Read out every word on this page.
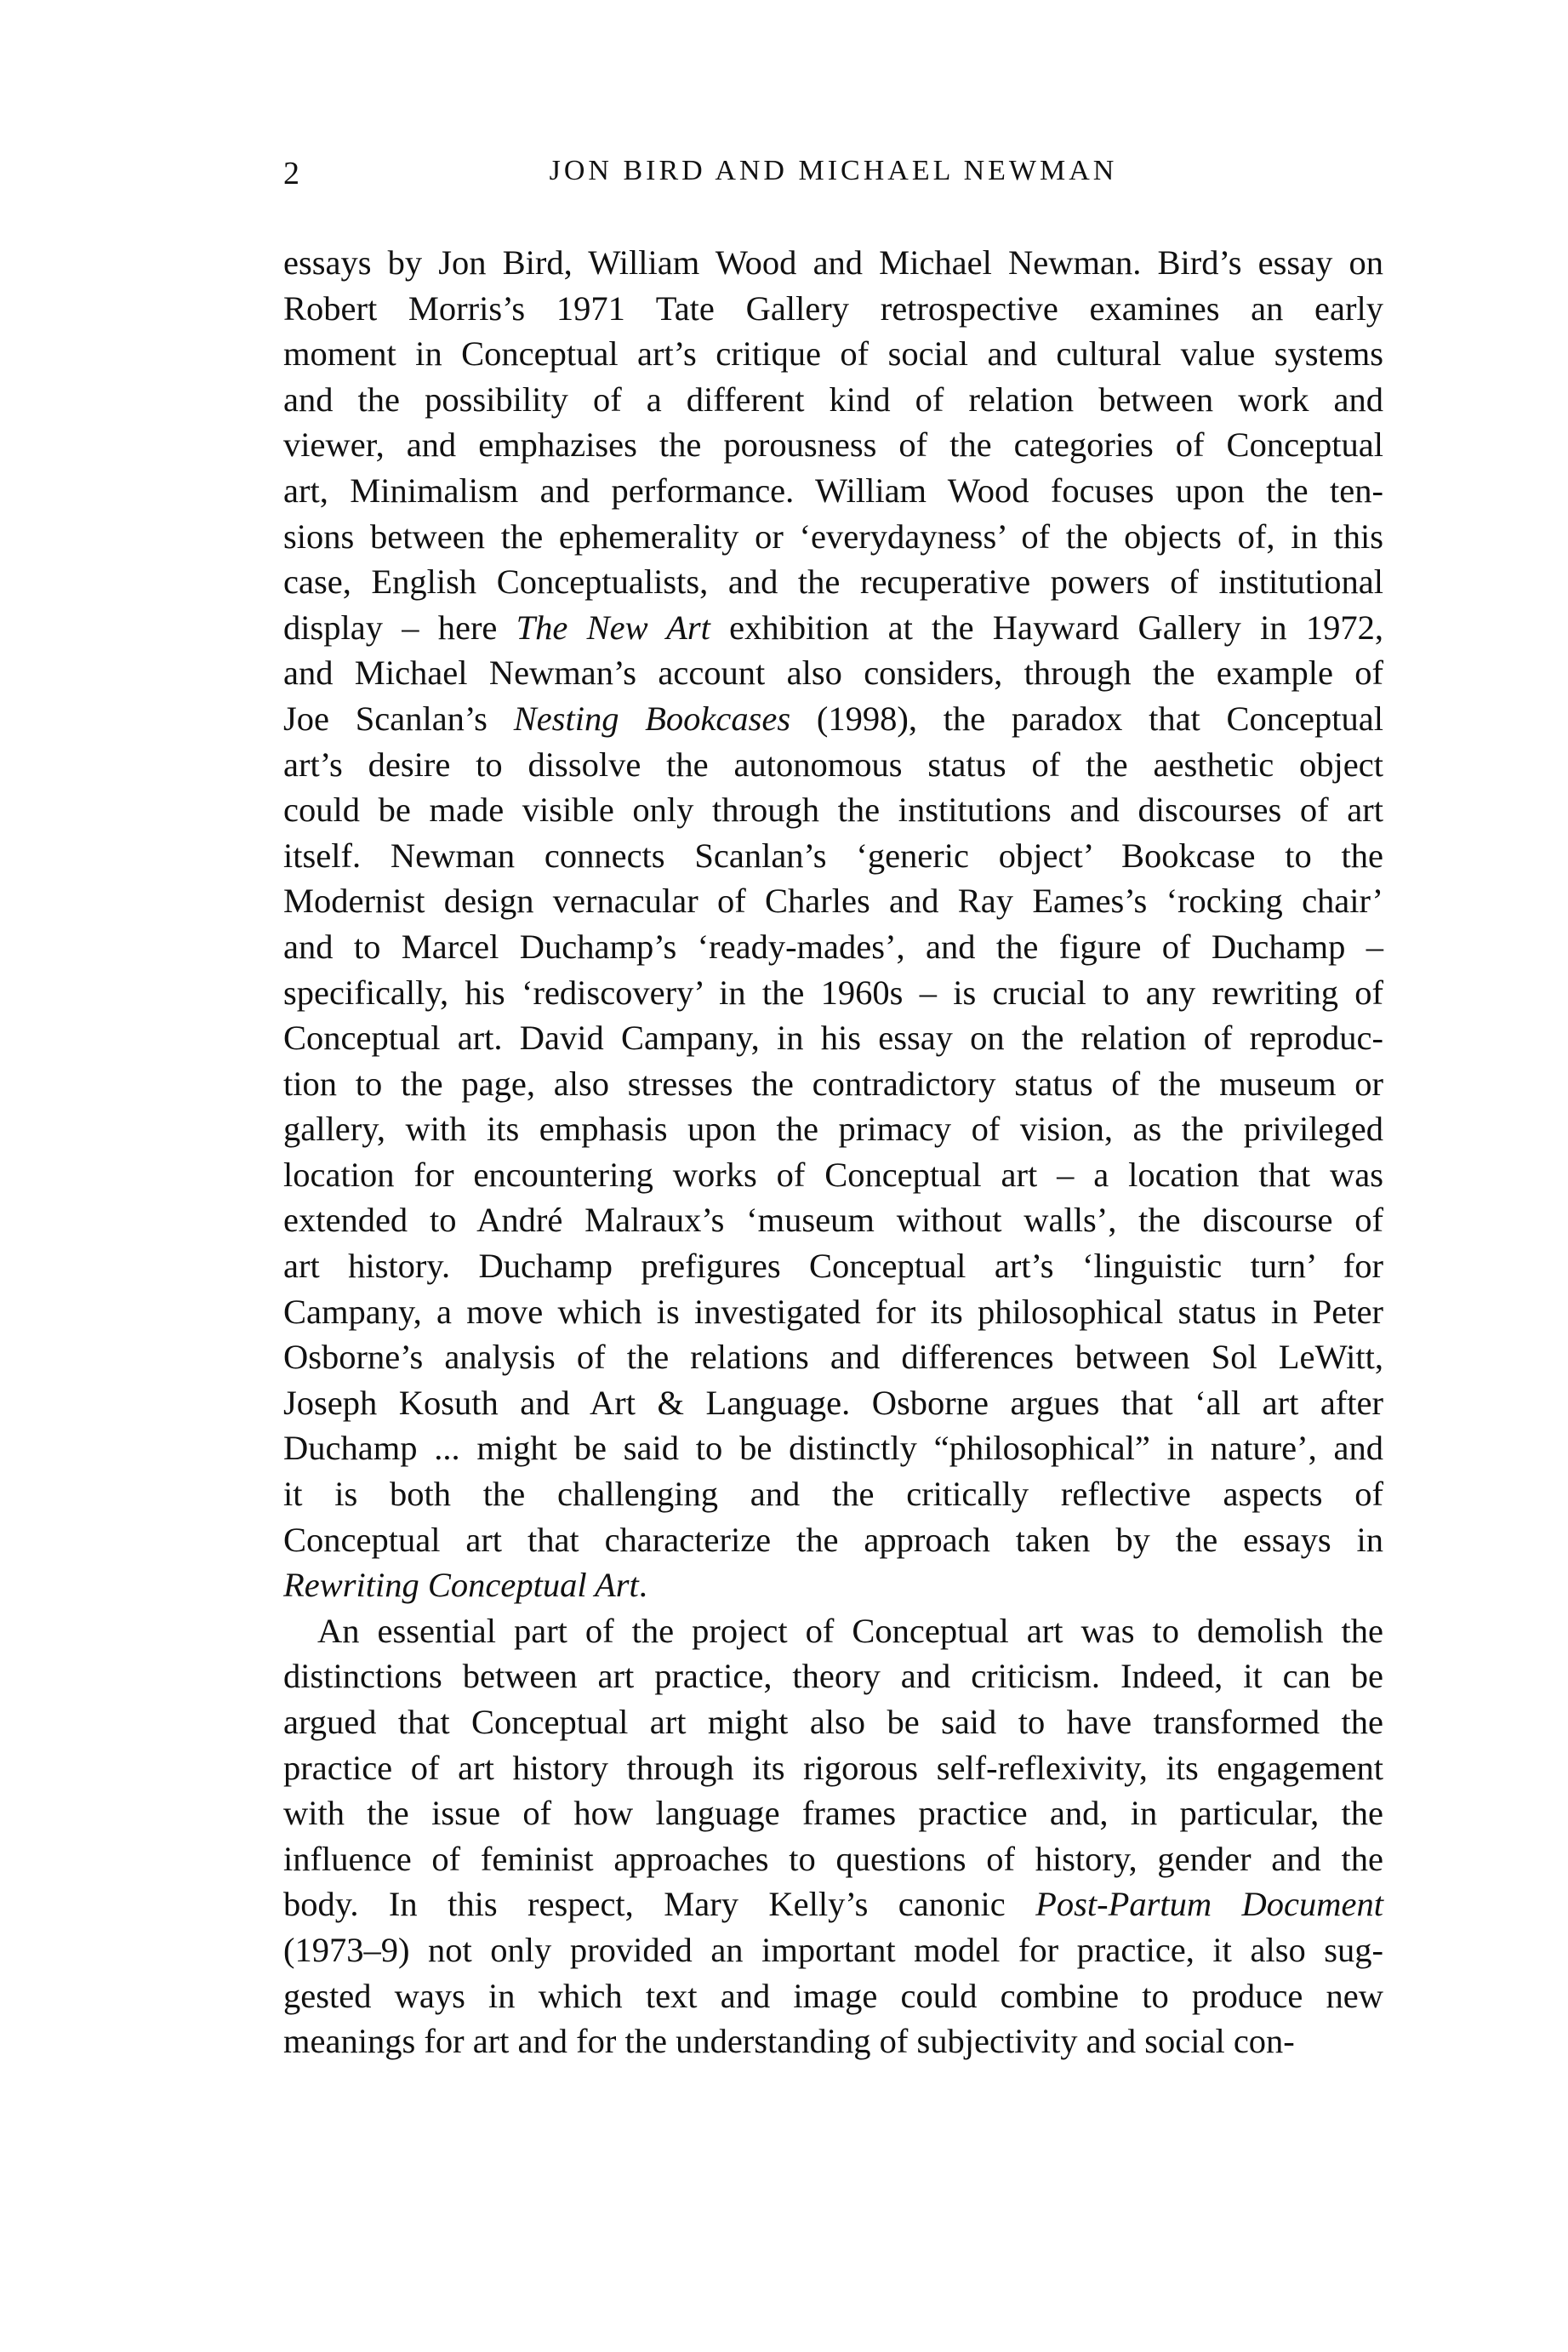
2	JON BIRD AND MICHAEL NEWMAN
essays by Jon Bird, William Wood and Michael Newman. Bird’s essay on
Robert Morris’s 1971 Tate Gallery retrospective examines an early
moment in Conceptual art’s critique of social and cultural value systems
and the possibility of a different kind of relation between work and
viewer, and emphazises the porousness of the categories of Conceptual
art, Minimalism and performance. William Wood focuses upon the ten-
sions between the ephemerality or ‘everydayness’ of the objects of, in this
case, English Conceptualists, and the recuperative powers of institutional
display – here The New Art exhibition at the Hayward Gallery in 1972,
and Michael Newman’s account also considers, through the example of
Joe Scanlan’s Nesting Bookcases (1998), the paradox that Conceptual
art’s desire to dissolve the autonomous status of the aesthetic object
could be made visible only through the institutions and discourses of art
itself. Newman connects Scanlan’s ‘generic object’ Bookcase to the
Modernist design vernacular of Charles and Ray Eames’s ‘rocking chair’
and to Marcel Duchamp’s ‘ready-mades’, and the figure of Duchamp –
specifically, his ‘rediscovery’ in the 1960s – is crucial to any rewriting of
Conceptual art. David Campany, in his essay on the relation of reproduc-
tion to the page, also stresses the contradictory status of the museum or
gallery, with its emphasis upon the primacy of vision, as the privileged
location for encountering works of Conceptual art – a location that was
extended to André Malraux’s ‘museum without walls’, the discourse of
art history. Duchamp prefigures Conceptual art’s ‘linguistic turn’ for
Campany, a move which is investigated for its philosophical status in Peter
Osborne’s analysis of the relations and differences between Sol LeWitt,
Joseph Kosuth and Art & Language. Osborne argues that ‘all art after
Duchamp ... might be said to be distinctly “philosophical” in nature’, and
it is both the challenging and the critically reflective aspects of
Conceptual art that characterize the approach taken by the essays in
Rewriting Conceptual Art.
An essential part of the project of Conceptual art was to demolish the
distinctions between art practice, theory and criticism. Indeed, it can be
argued that Conceptual art might also be said to have transformed the
practice of art history through its rigorous self-reflexivity, its engagement
with the issue of how language frames practice and, in particular, the
influence of feminist approaches to questions of history, gender and the
body. In this respect, Mary Kelly’s canonic Post-Partum Document
(1973–9) not only provided an important model for practice, it also sug-
gested ways in which text and image could combine to produce new
meanings for art and for the understanding of subjectivity and social con-
